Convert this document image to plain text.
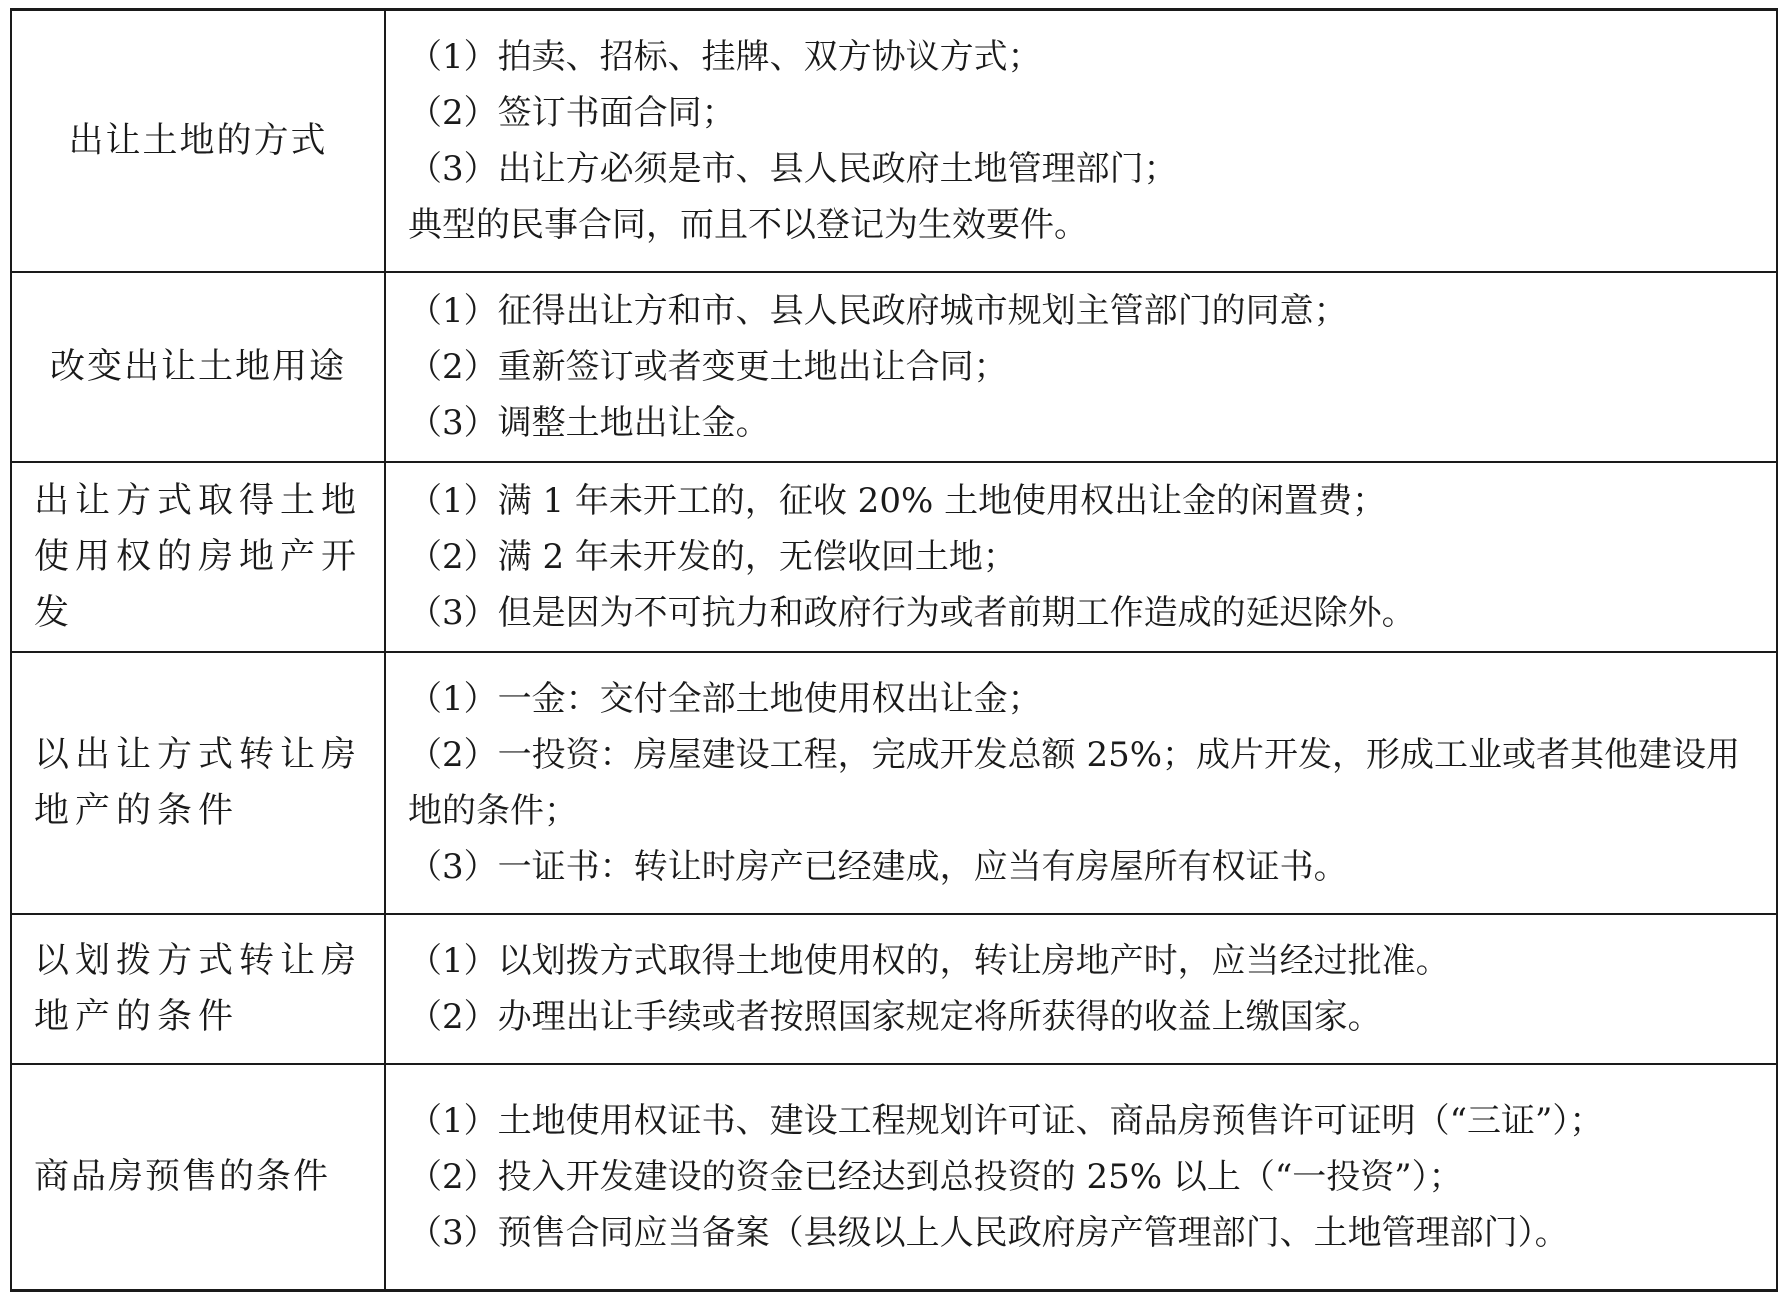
出让土地的方式	（1）拍卖、招标、挂牌、双方协议方式；
（2）签订书面合同；
（3）出让方必须是市、县人民政府土地管理部门；
典型的民事合同，而且不以登记为生效要件。

改变出让土地用途	（1）征得出让方和市、县人民政府城市规划主管部门的同意；
（2）重新签订或者变更土地出让合同；
（3）调整土地出让金。

出让方式取得土地使用权的房地产开发	（1）满 1 年未开工的，征收 20% 土地使用权出让金的闲置费；
（2）满 2 年未开发的，无偿收回土地；
（3）但是因为不可抗力和政府行为或者前期工作造成的延迟除外。

以出让方式转让房地产的条件	（1）一金：交付全部土地使用权出让金；
（2）一投资：房屋建设工程，完成开发总额 25%；成片开发，形成工业或者其他建设用地的条件；
（3）一证书：转让时房产已经建成，应当有房屋所有权证书。

以划拨方式转让房地产的条件	（1）以划拨方式取得土地使用权的，转让房地产时，应当经过批准。
（2）办理出让手续或者按照国家规定将所获得的收益上缴国家。

商品房预售的条件	（1）土地使用权证书、建设工程规划许可证、商品房预售许可证明（“三证”）；
（2）投入开发建设的资金已经达到总投资的 25% 以上（“一投资”）；
（3）预售合同应当备案（县级以上人民政府房产管理部门、土地管理部门）。
